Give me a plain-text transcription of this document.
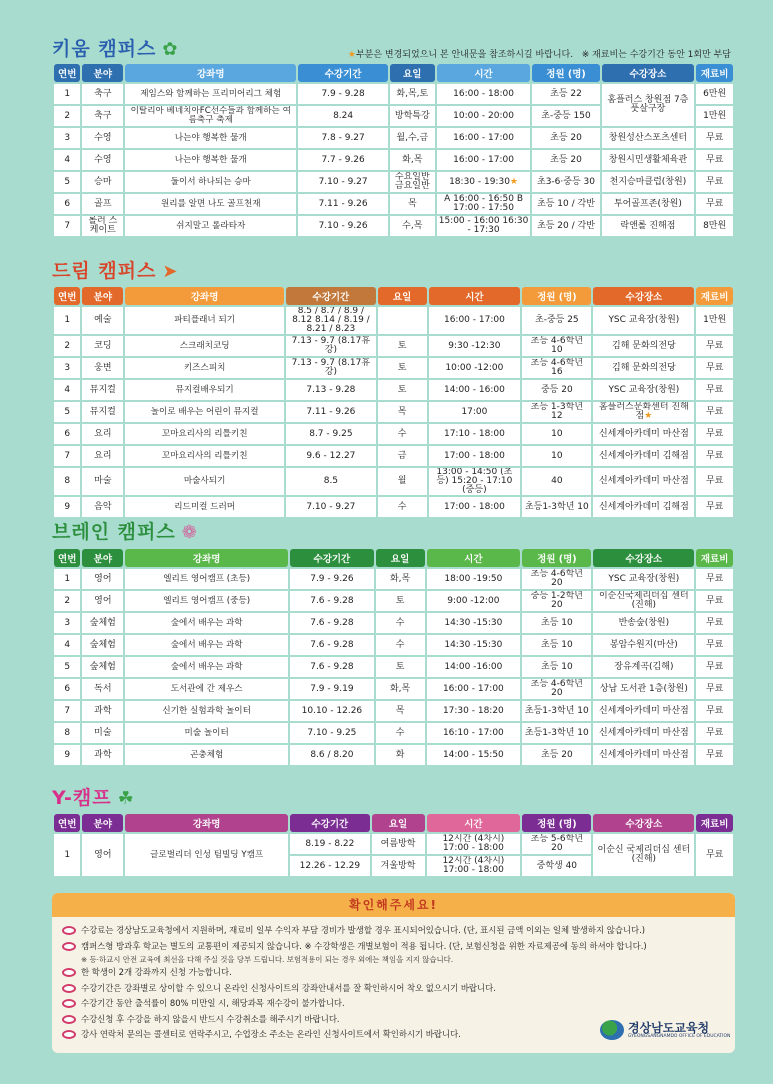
키움 캠퍼스 ✿	★부분은 변경되었으니 본 안내문을 참조하시길 바랍니다. ※ 재료비는 수강기간 동안 1회만 부담
연번	분야	강좌명	수강기간	요일	시간	정원 (명)	수강장소	재료비
1	축구	제임스와 함께하는 프리미어리그 체험	7.9 - 9.28	화,목,토	16:00 - 18:00	초등 22	홈플러스 창원점 7층 풋살구장	6만원
2	축구	이탈리아 베네치아FC선수들과 함께하는 여름축구 축제	8.24	방학특강	10:00 - 20:00	초-중등 150		1만원
3	수영	나는야 행복한 물개	7.8 - 9.27	월,수,금	16:00 - 17:00	초등 20	창원성산스포츠센터	무료
4	수영	나는야 행복한 물개	7.7 - 9.26	화,목	16:00 - 17:00	초등 20	창원시민생활체육관	무료
5	승마	둘이서 하나되는 승마	7.10 - 9.27	수요일반 금요일반	18:30 - 19:30★	초3-6·중등 30	천지승마클럽(창원)	무료
6	골프	원리를 알면 나도 골프천재	7.11 - 9.26	목	A 16:00 - 16:50 B 17:00 - 17:50	초등 10 / 각반	투어골프존(창원)	무료
7	롤러 스케이트	쉬지말고 롤라타자	7.10 - 9.26	수,목	15:00 - 16:00 16:30 - 17:30	초등 20 / 각반	락앤롤 진해점	8만원
드림 캠퍼스 ➤
연번	분야	강좌명	수강기간	요일	시간	정원 (명)	수강장소	재료비
1	예술	파티플래너 되기	8.5 / 8.7 / 8.9 / 8.12 8.14 / 8.19 / 8.21 / 8.23		16:00 - 17:00	초-중등 25	YSC 교육장(창원)	1만원
2	코딩	스크래치코딩	7.13 - 9.7 (8.17휴강)	토	9:30 -12:30	초등 4-6학년 10	김해 문화의전당	무료
3	웅변	키즈스피치	7.13 - 9.7 (8.17휴강)	토	10:00 -12:00	초등 4-6학년 16	김해 문화의전당	무료
4	뮤지컬	뮤지컬배우되기	7.13 - 9.28	토	14:00 - 16:00	중등 20	YSC 교육장(창원)	무료
5	뮤지컬	놀이로 배우는 어린이 뮤지컬	7.11 - 9.26	목	17:00	초등 1-3학년 12	홈플러스문화센터 진해점★	무료
6	요리	꼬마요리사의 리틀키친	8.7 - 9.25	수	17:10 - 18:00	10	신세계아카데미 마산점	무료
7	요리	꼬마요리사의 리틀키친	9.6 - 12.27	금	17:00 - 18:00	10	신세계아카데미 김해점	무료
8	마술	마술사되기	8.5	월	13:00 - 14:50 (초등) 15:20 - 17:10 (중등)	40	신세계아카데미 마산점	무료
9	음악	리드미컬 드러머	7.10 - 9.27	수	17:00 - 18:00	초등1-3학년 10	신세계아카데미 김해점	무료
브레인 캠퍼스 ❁
연번	분야	강좌명	수강기간	요일	시간	정원 (명)	수강장소	재료비
1	영어	엘리트 영어캠프 (초등)	7.9 - 9.26	화,목	18:00 -19:50	초등 4-6학년 20	YSC 교육장(창원)	무료
2	영어	엘리트 영어캠프 (중등)	7.6 - 9.28	토	9:00 -12:00	중등 1-2학년 20	이순신국제리더십 센터 (진해)	무료
3	숲체험	숲에서 배우는 과학	7.6 - 9.28	수	14:30 -15:30	초등 10	반송숲(창원)	무료
4	숲체험	숲에서 배우는 과학	7.6 - 9.28	수	14:30 -15:30	초등 10	봉암수원지(마산)	무료
5	숲체험	숲에서 배우는 과학	7.6 - 9.28	토	14:00 -16:00	초등 10	장유계곡(김해)	무료
6	독서	도서관에 간 제우스	7.9 - 9.19	화,목	16:00 - 17:00	초등 4-6학년 20	상남 도서관 1층(창원)	무료
7	과학	신기한 실험과학 놀이터	10.10 - 12.26	목	17:30 - 18:20	초등1-3학년 10	신세계아카데미 마산점	무료
8	미술	미술 놀이터	7.10 - 9.25	수	16:10 - 17:00	초등1-3학년 10	신세계아카데미 마산점	무료
9	과학	곤충체험	8.6 / 8.20	화	14:00 - 15:50	초등 20	신세계아카데미 마산점	무료
Y-캠프 ☘
연번	분야	강좌명	수강기간	요일	시간	정원 (명)	수강장소	재료비
1	영어	글로벌리더 인성 팀빌딩 Y캠프	8.19 - 8.22	여름방학	12시간 (4차시) 17:00 - 18:00	초등 5-6학년 20	이순신 국제리더십 센터 (진해)	무료
			12.26 - 12.29	겨울방학	12시간 (4차시) 17:00 - 18:00	중학생 40		
확인해주세요!
수강료는 경상남도교육청에서 지원하며, 재료비 일부 수익자 부담 경비가 발생할 경우 표시되어있습니다. (단, 표시된 금액 이외는 일체 발생하지 않습니다.)
캠퍼스형 방과후 학교는 별도의 교통편이 제공되지 않습니다. ※ 수강학생은 개별보험이 적용 됩니다. (단, 보험신청을 위한 자료제공에 동의 하셔야 합니다.)
※ 등·하교시 안전 교육에 최선을 다해 주실 것을 당부 드립니다. 보험적용이 되는 경우 외에는 책임을 지지 않습니다.
한 학생이 2개 강좌까지 신청 가능합니다.
수강기간은 강좌별로 상이할 수 있으니 온라인 신청사이트의 강좌안내서를 잘 확인하시어 착오 없으시기 바랍니다.
수강기간 동안 출석률이 80% 미만일 시, 해당과목 재수강이 불가합니다.
수강신청 후 수강을 하지 않을시 반드시 수강취소를 해주시기 바랍니다.
강사 연락처 문의는 콜센터로 연락주시고, 수업장소 주소는 온라인 신청사이트에서 확인하시기 바랍니다.	경상남도교육청
GYEONGSANGNAMDO OFFICE OF EDUCATION
